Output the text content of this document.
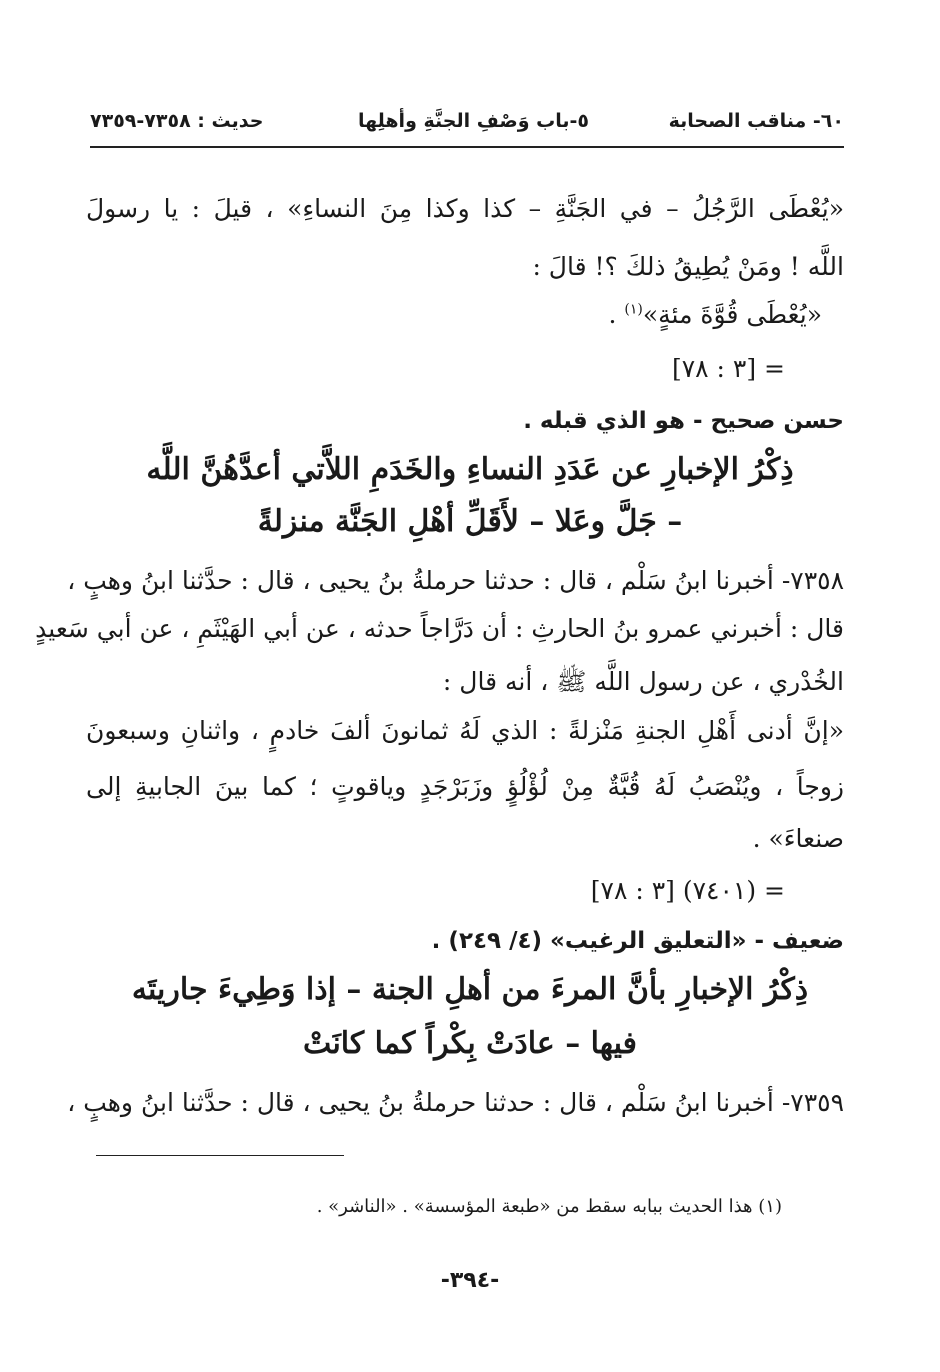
٦٠- مناقب الصحابة
٥-باب وَصْفِ الجنَّةِ وأهلِها
حديث : ٧٣٥٨-٧٣٥٩
«يُعْطَى الرَّجُلُ – في الجَنَّةِ – كذا وكذا مِنَ النساءِ» ، قيلَ : يا رسولَ
اللَّه ! ومَنْ يُطِيقُ ذلكَ ؟! قالَ :
«يُعْطَى قُوَّةَ مئةٍ»$^{(١)}$ .
= [٣ : ٧٨]
حسن صحيح - هو الذي قبله .
ذِكْرُ الإخبارِ عن عَدَدِ النساءِ والخَدَمِ اللاَّتي أعدَّهُنَّ اللَّه
– جَلَّ وعَلا – لأَقَلِّ أهْلِ الجَنَّة منزلةً
٧٣٥٨- أخبرنا ابنُ سَلْم ، قال : حدثنا حرملةُ بنُ يحيى ، قال : حدَّثنا ابنُ وهبٍ ،
قال : أخبرني عمرو بنُ الحارثِ : أن دَرَّاجاً حدثه ، عن أبي الهَيْثَمِ ، عن أبي سَعيدٍ
الخُدْري ، عن رسول اللَّه ﷺ ، أنه قال :
«إنَّ أدنى أَهْلِ الجنةِ مَنْزلةً : الذي لَهُ ثمانونَ ألفَ خادمٍ ، واثنانِ وسبعونَ
زوجاً ، ويُنْصَبُ لَهُ قُبَّةٌ مِنْ لُؤْلُؤٍ وزَبَرْجَدٍ وياقوتٍ ؛ كما بينَ الجابيةِ إلى
صنعاءَ» .
= (٧٤٠١) [٣ : ٧٨]
ضعيف - «التعليق الرغيب» (٤/ ٢٤٩) .
ذِكْرُ الإخبارِ بأنَّ المرءَ من أهلِ الجنة – إذا وَطِيءَ جاريتَه
فيها – عادَتْ بِكْراً كما كانَتْ
٧٣٥٩- أخبرنا ابنُ سَلْم ، قال : حدثنا حرملةُ بنُ يحيى ، قال : حدَّثنا ابنُ وهبٍ ،
(١) هذا الحديث ببابه سقط من «طبعة المؤسسة» . «الناشر» .
-٣٩٤-
